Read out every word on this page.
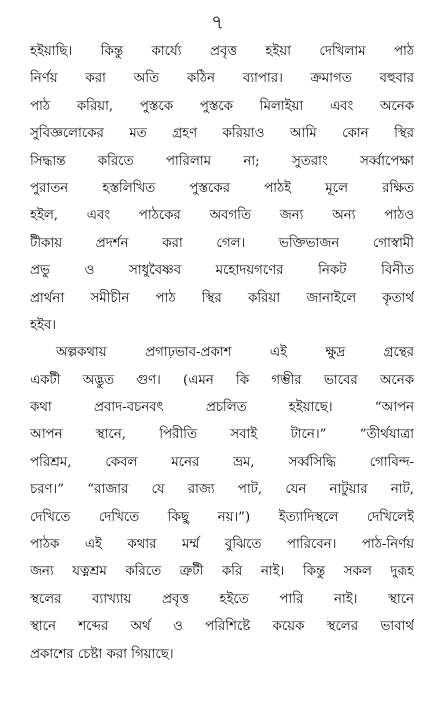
৭
হইয়াছি। কিন্তু কার্য্যে প্রবৃত্ত হইয়া দেখিলাম পাঠ
নির্ণয় করা অতি কঠিন ব্যাপার। ক্রমাগত বহুবার
পাঠ করিয়া, পুস্তকে পুস্তকে মিলাইয়া এবং অনেক
সুবিজ্ঞলোকের মত গ্রহণ করিয়াও আমি কোন স্থির
সিদ্ধান্ত করিতে পারিলাম না; সুতরাং সর্ব্বাপেক্ষা
পুরাতন হস্তলিখিত পুস্তকের পাঠই মূলে রক্ষিত
হইল, এবং পাঠকের অবগতি জন্য অন্য পাঠও
টীকায় প্রদর্শন করা গেল। ভক্তিভাজন গোস্বামী
প্রভু ও সাধুবৈষ্ণব মহোদয়গণের নিকট বিনীত
প্রার্থনা সমীচীন পাঠ স্থির করিয়া জানাইলে কৃতার্থ
হইব।
অল্পকথায় প্রগাঢ়ভাব-প্রকাশ এই ক্ষুদ্র গ্রন্থের
একটী অদ্ভুত গুণ। (এমন কি গম্ভীর ভাবের অনেক
কথা প্রবাদ-বচনবৎ প্রচলিত হইয়াছে। “আপন
আপন স্থানে, পিরীতি সবাই টানে।” “তীর্থযাত্রা
পরিশ্রম, কেবল মনের ভ্রম, সর্ব্বসিদ্ধি গোবিন্দ-
চরণ।” “রাজার যে রাজ্য পাট, যেন নাটুয়ার নাট,
দেখিতে দেখিতে কিছু নয়।”) ইত্যাদিস্থলে দেখিলেই
পাঠক এই কথার মর্ম্ম বুঝিতে পারিবেন। পাঠ-নির্ণয়
জন্য যত্নশ্রম করিতে ত্রুটী করি নাই। কিন্তু সকল দুরূহ
স্থলের ব্যাখ্যায় প্রবৃত্ত হইতে পারি নাই। স্থানে
স্থানে শব্দের অর্থ ও পরিশিষ্টে কয়েক স্থলের ভাবার্থ
প্রকাশের চেষ্টা করা গিয়াছে।
